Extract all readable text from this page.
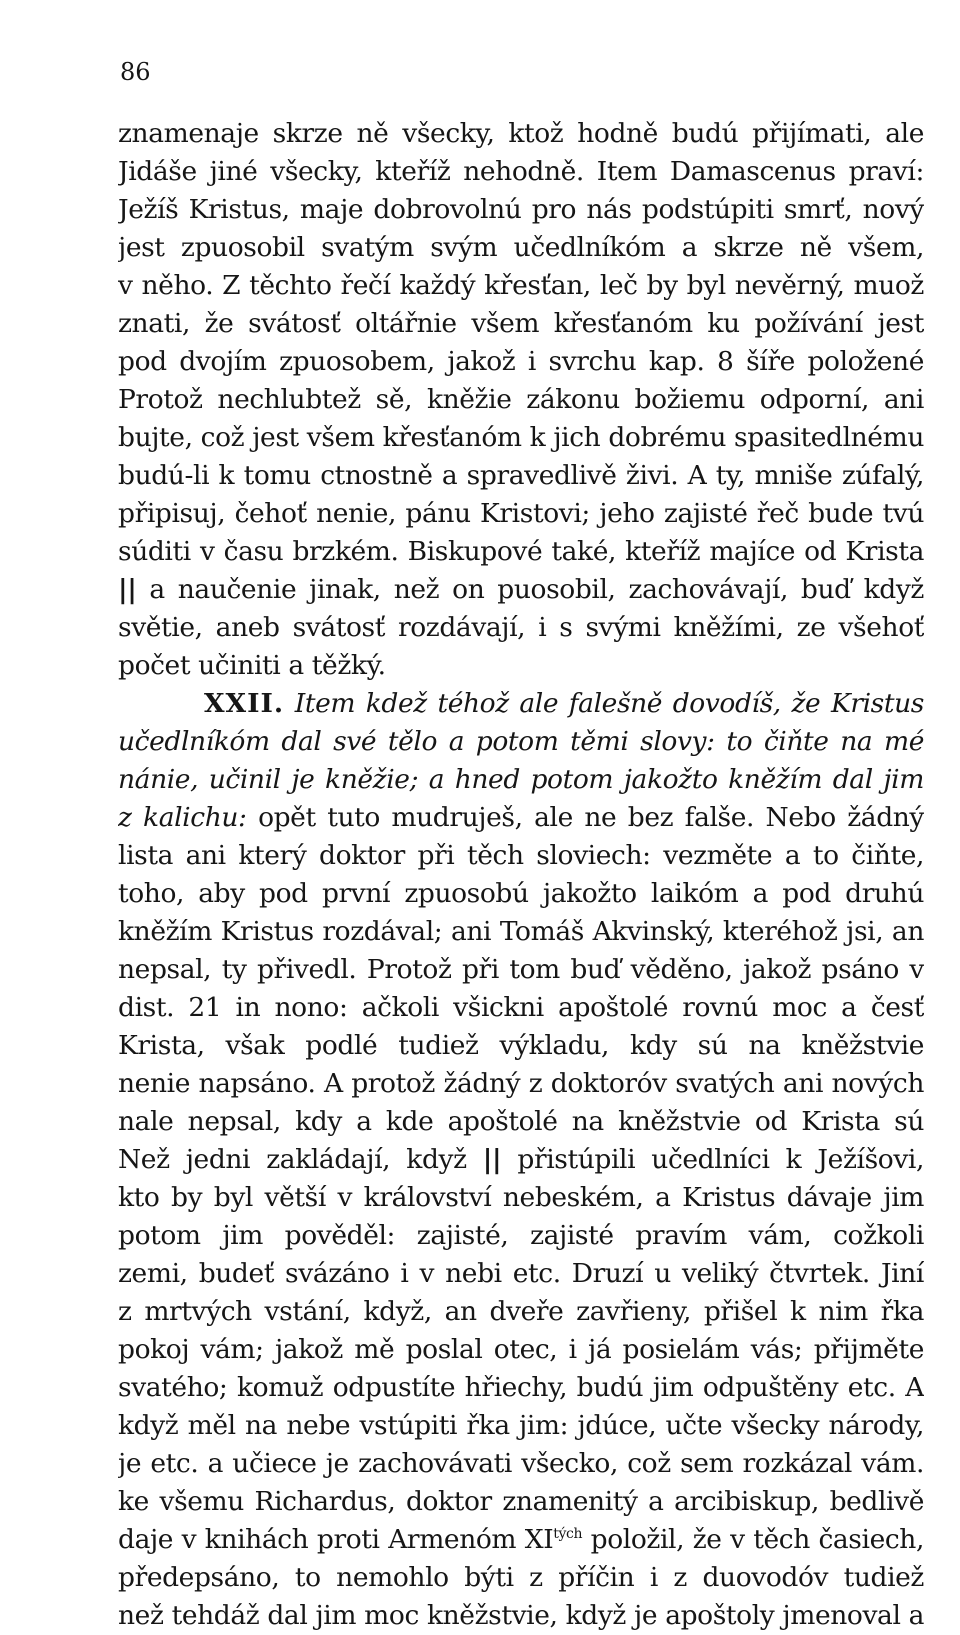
86
znamenaje skrze ně všecky, ktož hodně budú přijímati, ale
Jidáše jiné všecky, kteříž nehodně. Item Damascenus praví:
Ježíš Kristus, maje dobrovolnú pro nás podstúpiti smrť, nový
jest zpuosobil svatým svým učedlníkóm a skrze ně všem,
v něho. Z těchto řečí každý křesťan, leč by byl nevěrný, muož
znati, že svátosť oltářnie všem křesťanóm ku požívání jest
pod dvojím zpuosobem, jakož i svrchu kap. 8 šíře položené
Protož nechlubtež sě, kněžie zákonu božiemu odporní, ani
bujte, což jest všem křesťanóm k jich dobrému spasitedlnému
budú-li k tomu ctnostně a spravedlivě živi. A ty, mniše zúfalý,
připisuj, čehoť nenie, pánu Kristovi; jeho zajisté řeč bude tvú
súditi v času brzkém. Biskupové také, kteříž majíce od Krista
|| a naučenie jinak, než on puosobil, zachovávají, buď když
světie, aneb svátosť rozdávají, i s svými kněžími, ze všehoť
počet učiniti a těžký.
XXII. Item kdež téhož ale falešně dovodíš, že Kristus
učedlníkóm dal své tělo a potom těmi slovy: to čiňte na mé
nánie, učinil je kněžie; a hned potom jakožto kněžím dal jim
z kalichu: opět tuto mudruješ, ale ne bez falše. Nebo žádný
lista ani který doktor při těch sloviech: vezměte a to čiňte,
toho, aby pod první zpuosobú jakožto laikóm a pod druhú
kněžím Kristus rozdával; ani Tomáš Akvinský, kteréhož jsi, an
nepsal, ty přivedl. Protož při tom buď věděno, jakož psáno v
dist. 21 in nono: ačkoli všickni apoštolé rovnú moc a česť
Krista, však podlé tudiež výkladu, kdy sú na kněžstvie
nenie napsáno. A protož žádný z doktoróv svatých ani nových
nale nepsal, kdy a kde apoštolé na kněžstvie od Krista sú
Než jedni zakládají, když || přistúpili učedlníci k Ježíšovi,
kto by byl větší v království nebeském, a Kristus dávaje jim
potom jim pověděl: zajisté, zajisté pravím vám, cožkoli
zemi, budeť svázáno i v nebi etc. Druzí u veliký čtvrtek. Jiní
z mrtvých vstání, když, an dveře zavřieny, přišel k nim řka
pokoj vám; jakož mě poslal otec, i já posielám vás; přijměte
svatého; komuž odpustíte hřiechy, budú jim odpuštěny etc. A
když měl na nebe vstúpiti řka jim: jdúce, učte všecky národy,
je etc. a učiece je zachovávati všecko, což sem rozkázal vám.
ke všemu Richardus, doktor znamenitý a arcibiskup, bedlivě
daje v knihách proti Armenóm $XI^{tých}$ položil, že v těch časiech,
předepsáno, to nemohlo býti z příčin i z duovodóv tudiež
než tehdáž dal jim moc kněžstvie, když je apoštoly jmenoval a
